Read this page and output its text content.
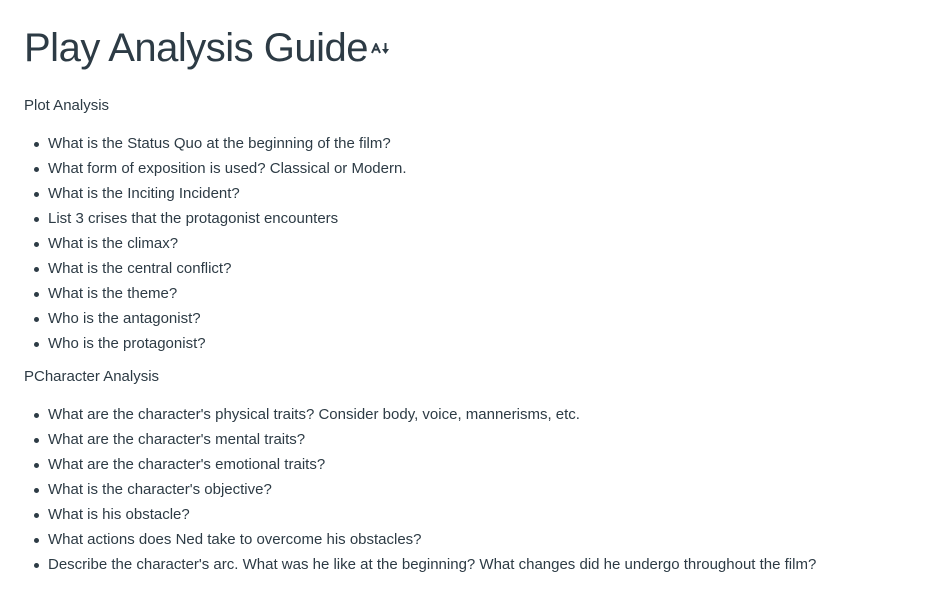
Play Analysis Guide

Plot Analysis

What is the Status Quo at the beginning of the film?
What form of exposition is used? Classical or Modern.
What is the Inciting Incident?
List 3 crises that the protagonist encounters
What is the climax?
What is the central conflict?
What is the theme?
Who is the antagonist?
Who is the protagonist?

PCharacter Analysis

What are the character's physical traits? Consider body, voice, mannerisms, etc.
What are the character's mental traits?
What are the character's emotional traits?
What is the character's objective?
What is his obstacle?
What actions does Ned take to overcome his obstacles?
Describe the character's arc. What was he like at the beginning? What changes did he undergo throughout the film?
